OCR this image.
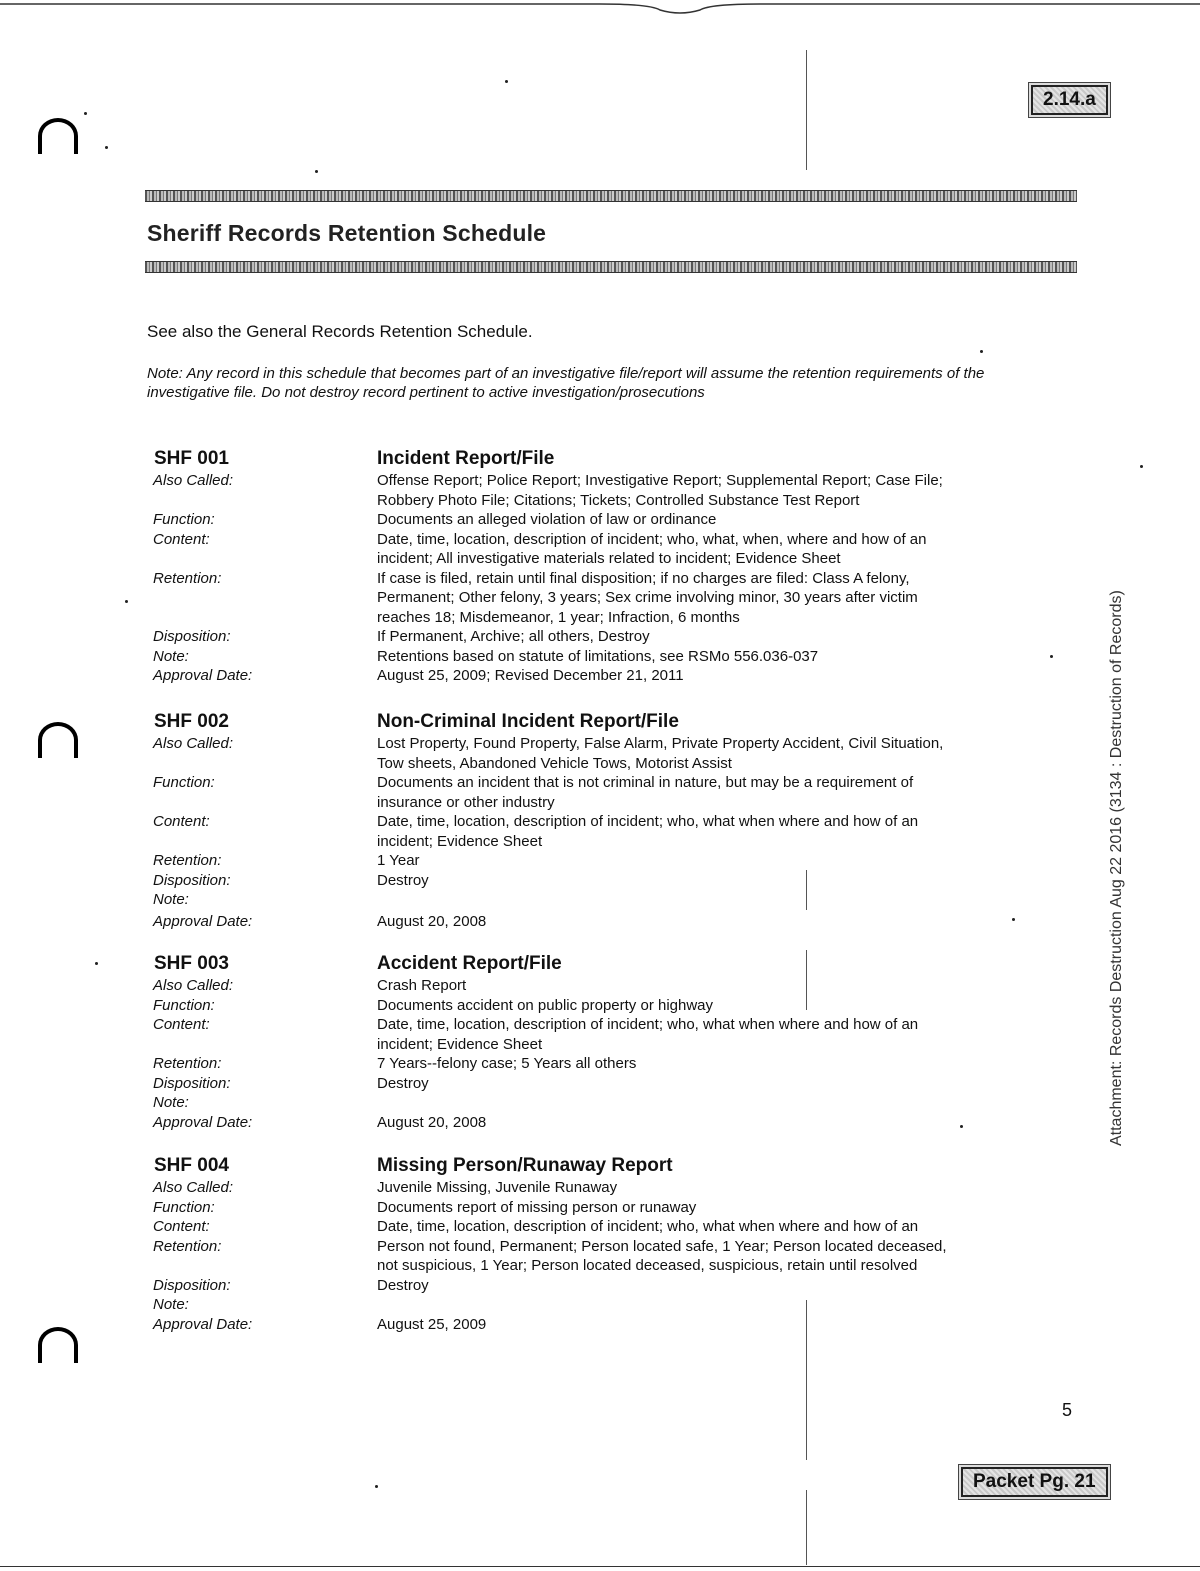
2.14.a
Sheriff Records Retention Schedule
See also the General Records Retention Schedule.
Note: Any record in this schedule that becomes part of an investigative file/report will assume the retention requirements of the investigative file. Do not destroy record pertinent to active investigation/prosecutions
SHF 001	Incident Report/File
Also Called:	Offense Report; Police Report; Investigative Report; Supplemental Report; Case File;
Robbery Photo File; Citations; Tickets; Controlled Substance Test Report
Function:	Documents an alleged violation of law or ordinance
Content:	Date, time, location, description of incident; who, what, when, where and how of an
incident; All investigative materials related to incident; Evidence Sheet
Retention:	If case is filed, retain until final disposition; if no charges are filed: Class A felony,
Permanent; Other felony, 3 years; Sex crime involving minor, 30 years after victim
reaches 18; Misdemeanor, 1 year; Infraction, 6 months
Disposition:	If Permanent, Archive; all others, Destroy
Note:	Retentions based on statute of limitations, see RSMo 556.036-037
Approval Date:	August 25, 2009; Revised December 21, 2011
SHF 002	Non-Criminal Incident Report/File
Also Called:	Lost Property, Found Property, False Alarm, Private Property Accident, Civil Situation,
Tow sheets, Abandoned Vehicle Tows, Motorist Assist
Function:	Documents an incident that is not criminal in nature, but may be a requirement of
insurance or other industry
Content:	Date, time, location, description of incident; who, what when where and how of an
incident; Evidence Sheet
Retention:	1 Year
Disposition:	Destroy
Note:

Approval Date:	August 20, 2008
SHF 003	Accident Report/File
Also Called:	Crash Report
Function:	Documents accident on public property or highway
Content:	Date, time, location, description of incident; who, what when where and how of an
incident; Evidence Sheet
Retention:	7 Years--felony case; 5 Years all others
Disposition:	Destroy
Note:

Approval Date:	August 20, 2008
SHF 004	Missing Person/Runaway Report
Also Called:	Juvenile Missing, Juvenile Runaway
Function:	Documents report of missing person or runaway
Content:	Date, time, location, description of incident; who, what when where and how of an
Retention:	Person not found, Permanent; Person located safe, 1 Year; Person located deceased,
not suspicious, 1 Year; Person located deceased, suspicious, retain until resolved
Disposition:	Destroy
Note:

Approval Date:	August 25, 2009
Attachment: Records Destruction Aug 22 2016 (3134 : Destruction of Records)
5
Packet Pg. 21
